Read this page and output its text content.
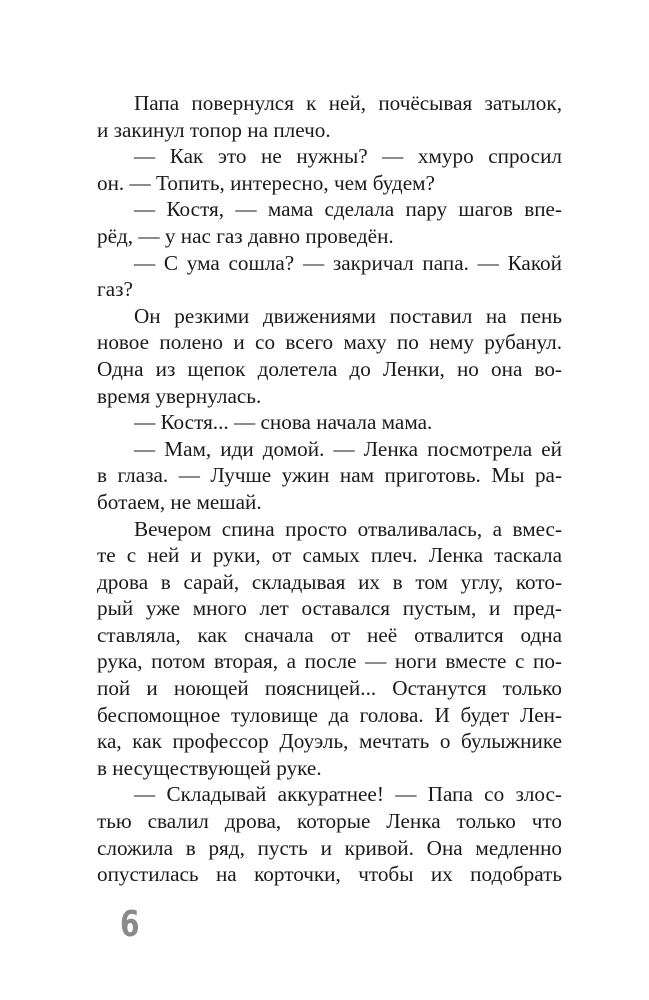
Папа повернулся к ней, почёсывая затылок,
и закинул топор на плечо.
— Как это не нужны? — хмуро спросил
он. — Топить, интересно, чем будем?
— Костя, — мама сделала пару шагов впе-
рёд, — у нас газ давно проведён.
— С ума сошла? — закричал папа. — Какой
газ?
Он резкими движениями поставил на пень
новое полено и со всего маху по нему рубанул.
Одна из щепок долетела до Ленки, но она во-
время увернулась.
— Костя... — снова начала мама.
— Мам, иди домой. — Ленка посмотрела ей
в глаза. — Лучше ужин нам приготовь. Мы ра-
ботаем, не мешай.
Вечером спина просто отваливалась, а вмес-
те с ней и руки, от самых плеч. Ленка таскала
дрова в сарай, складывая их в том углу, кото-
рый уже много лет оставался пустым, и пред-
ставляла, как сначала от неё отвалится одна
рука, потом вторая, а после — ноги вместе с по-
пой и ноющей поясницей... Останутся только
беспомощное туловище да голова. И будет Лен-
ка, как профессор Доуэль, мечтать о булыжнике
в несуществующей руке.
— Складывай аккуратнее! — Папа со злос-
тью свалил дрова, которые Ленка только что
сложила в ряд, пусть и кривой. Она медленно
опустилась на корточки, чтобы их подобрать
6
